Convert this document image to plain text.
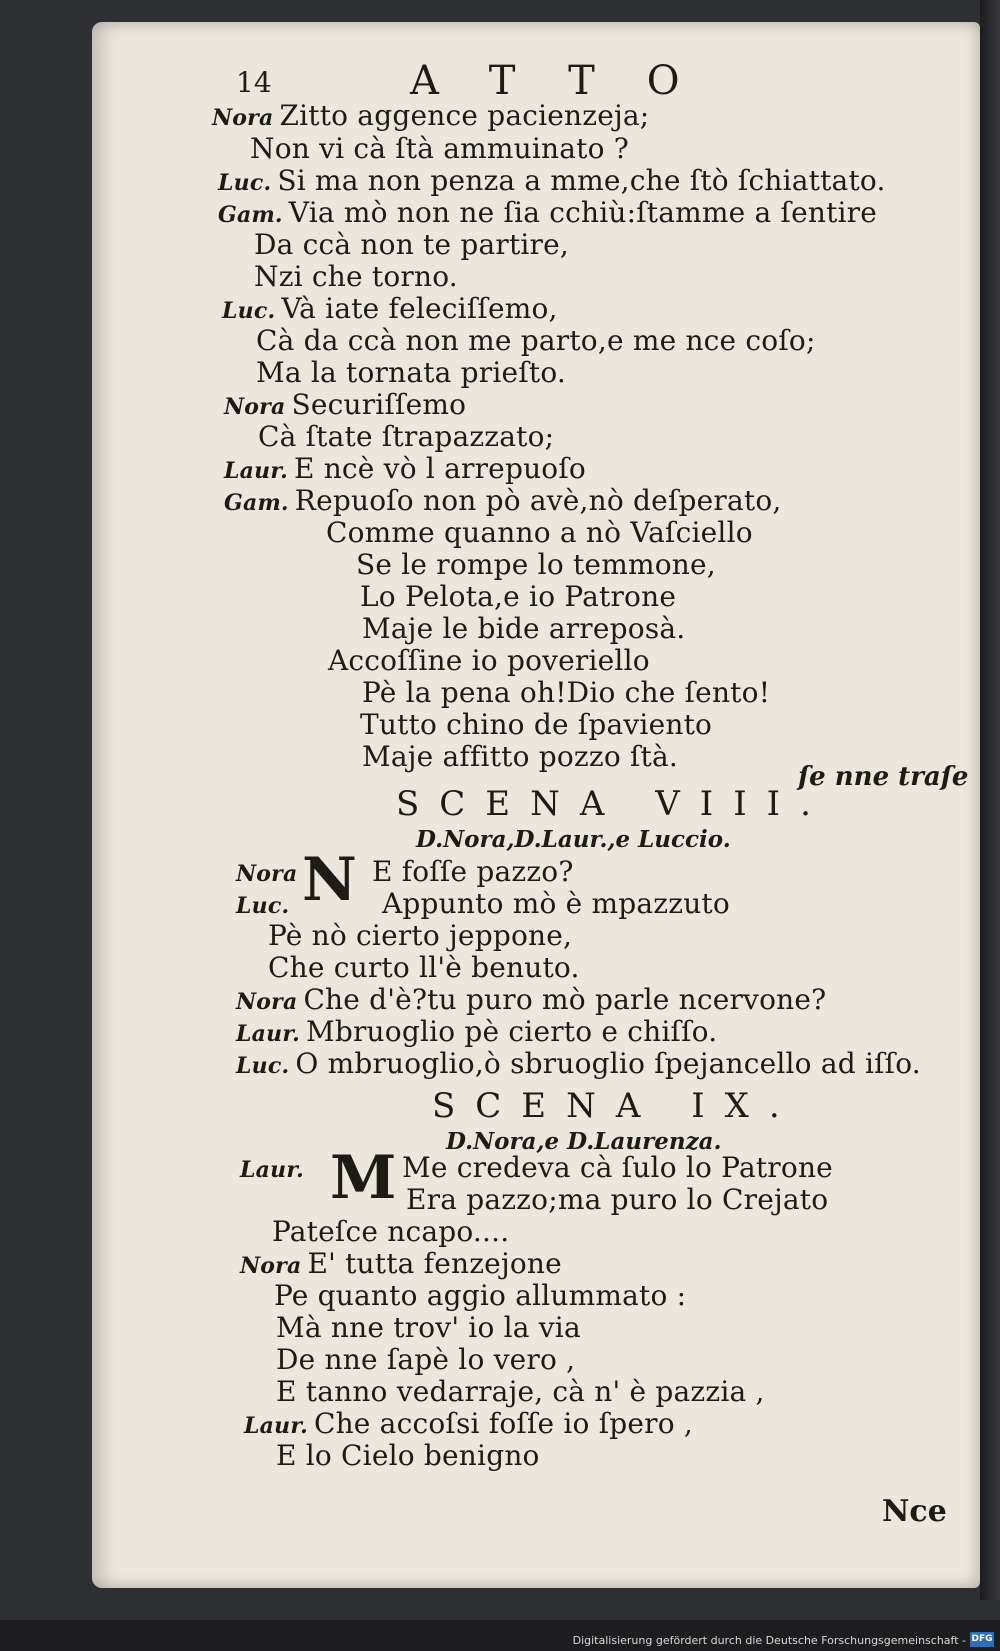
14	ATTO
Nora Zitto aggence pacienzeja;
Non vi cà ſtà ammuinato ?
Luc. Si ma non penza a mme,che ſtò ſchiattato.
Gam. Via mò non ne ſia cchiù:ſtamme a ſentire
Da ccà non te partire,
Nzi che torno.
Luc. Và iate feleciſſemo,
Cà da ccà non me parto,e me nce coſo;
Ma la tornata prieſto.
Nora Securiſſemo
Cà ſtate ſtrapazzato;
Laur. E ncè vò l arrepuoſo
Gam. Repuoſo non pò avè,nò deſperato,
Comme quanno a nò Vaſciello
Se le rompe lo temmone,
Lo Pelota,e io Patrone
Maje le bide arreposà.
Accoſſine io poveriello
Pè la pena oh!Dio che ſento!
Tutto chino de ſpaviento
Maje affitto pozzo ſtà.
ſe nne traſe
SCENA VIII.
D.Nora,D.Laur.,e Luccio.
N
Nora	E foſſe pazzo?
Luc.	Appunto mò è mpazzuto
Pè nò cierto jeppone,
Che curto ll'è benuto.
Nora Che d'è?tu puro mò parle ncervone?
Laur. Mbruoglio pè cierto e chiſſo.
Luc. O mbruoglio,ò sbruoglio ſpejancello ad iſſo.
SCENA IX.
D.Nora,e D.Laurenza.
M
Laur.	Me credeva cà ſulo lo Patrone
Era pazzo;ma puro lo Crejato
Pateſce ncapo....
Nora E' tutta fenzejone
Pe quanto aggio allummato :
Mà nne trov' io la via
De nne ſapè lo vero ,
E tanno vedarraje, cà n' è pazzia ,
Laur. Che accoſsi foſſe io ſpero ,
E lo Cielo benigno
Nce
Digitalisierung gefördert durch die Deutsche Forschungsgemeinschaft - DFG
